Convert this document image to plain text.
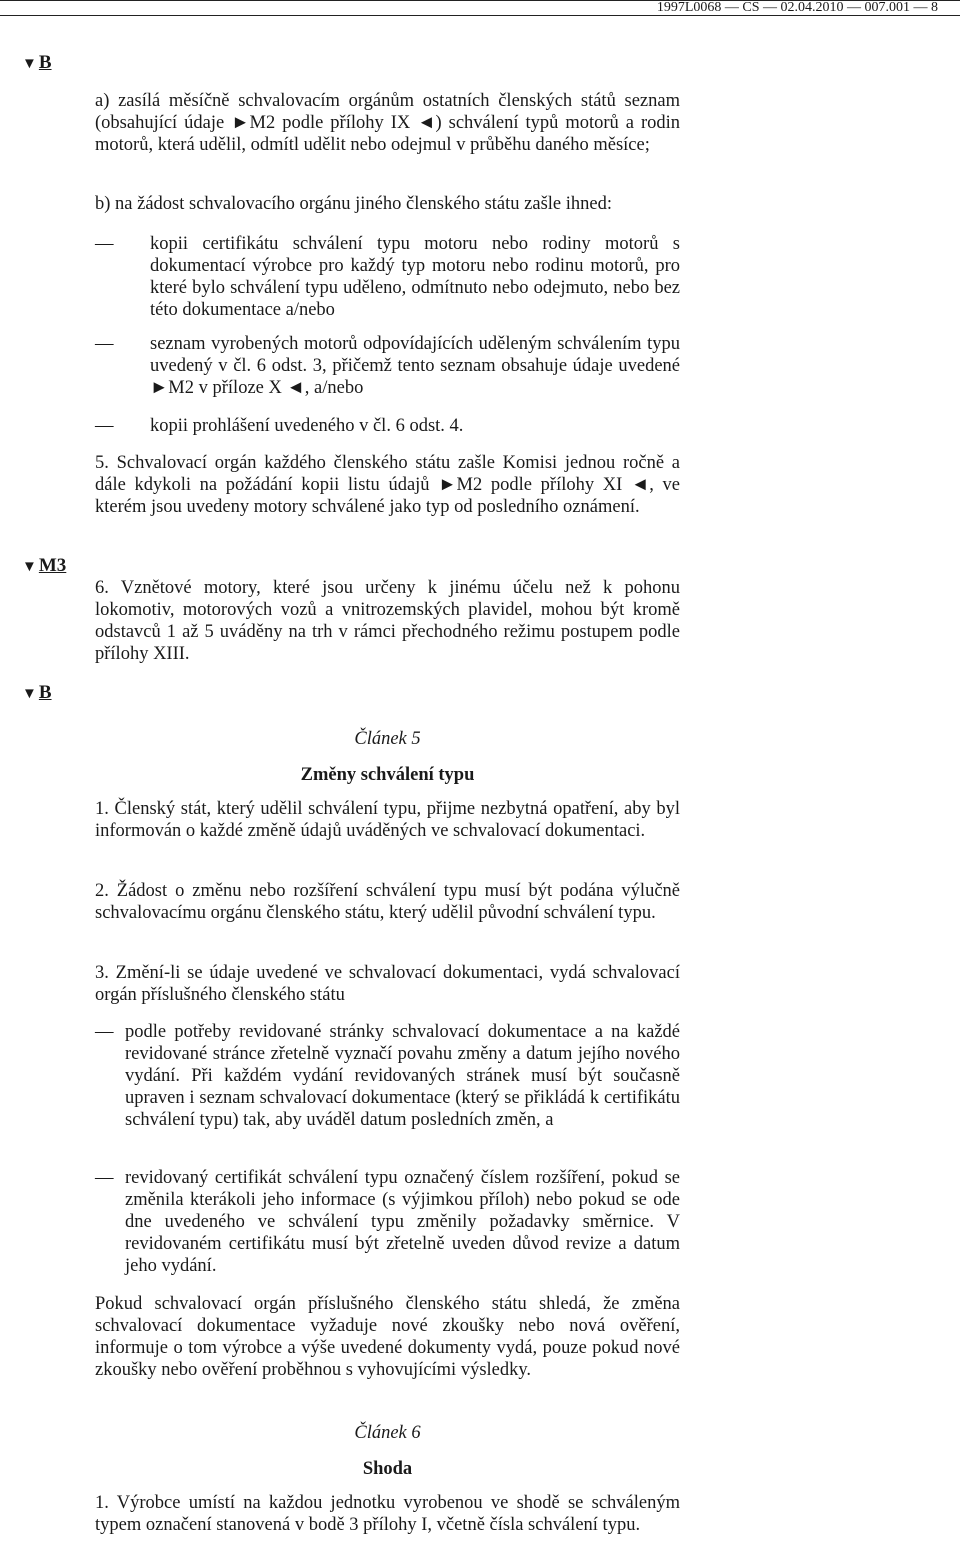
1997L0068 — CS — 02.04.2010 — 007.001 — 8
▼ B
▼ M3
▼ B
a) zasílá měsíčně schvalovacím orgánům ostatních členských států seznam (obsahující údaje ►M2 podle přílohy IX ◄) schválení typů motorů a rodin motorů, která udělil, odmítl udělit nebo odejmul v průběhu daného měsíce;
b) na žádost schvalovacího orgánu jiného členského státu zašle ihned:
— kopii certifikátu schválení typu motoru nebo rodiny motorů s dokumentací výrobce pro každý typ motoru nebo rodinu motorů, pro které bylo schválení typu uděleno, odmítnuto nebo odejmuto, nebo bez této dokumentace a/nebo
— seznam vyrobených motorů odpovídajících uděleným schválením typu uvedený v čl. 6 odst. 3, přičemž tento seznam obsahuje údaje uvedené ►M2 v příloze X ◄, a/nebo
— kopii prohlášení uvedeného v čl. 6 odst. 4.
5. Schvalovací orgán každého členského státu zašle Komisi jednou ročně a dále kdykoli na požádání kopii listu údajů ►M2 podle přílohy XI ◄, ve kterém jsou uvedeny motory schválené jako typ od posledního oznámení.
6. Vznětové motory, které jsou určeny k jinému účelu než k pohonu lokomotiv, motorových vozů a vnitrozemských plavidel, mohou být kromě odstavců 1 až 5 uváděny na trh v rámci přechodného režimu postupem podle přílohy XIII.
Článek 5
Změny schválení typu
1. Členský stát, který udělil schválení typu, přijme nezbytná opatření, aby byl informován o každé změně údajů uváděných ve schvalovací dokumentaci.
2. Žádost o změnu nebo rozšíření schválení typu musí být podána výlučně schvalovacímu orgánu členského státu, který udělil původní schválení typu.
3. Změní-li se údaje uvedené ve schvalovací dokumentaci, vydá schvalovací orgán příslušného členského státu
— podle potřeby revidované stránky schvalovací dokumentace a na každé revidované stránce zřetelně vyznačí povahu změny a datum jejího nového vydání. Při každém vydání revidovaných stránek musí být současně upraven i seznam schvalovací dokumentace (který se přikládá k certifikátu schválení typu) tak, aby uváděl datum posledních změn, a
— revidovaný certifikát schválení typu označený číslem rozšíření, pokud se změnila kterákoli jeho informace (s výjimkou příloh) nebo pokud se ode dne uvedeného ve schválení typu změnily požadavky směrnice. V revidovaném certifikátu musí být zřetelně uveden důvod revize a datum jeho vydání.
Pokud schvalovací orgán příslušného členského státu shledá, že změna schvalovací dokumentace vyžaduje nové zkoušky nebo nová ověření, informuje o tom výrobce a výše uvedené dokumenty vydá, pouze pokud nové zkoušky nebo ověření proběhnou s vyhovujícími výsledky.
Článek 6
Shoda
1. Výrobce umístí na každou jednotku vyrobenou ve shodě se schváleným typem označení stanovená v bodě 3 přílohy I, včetně čísla schválení typu.
